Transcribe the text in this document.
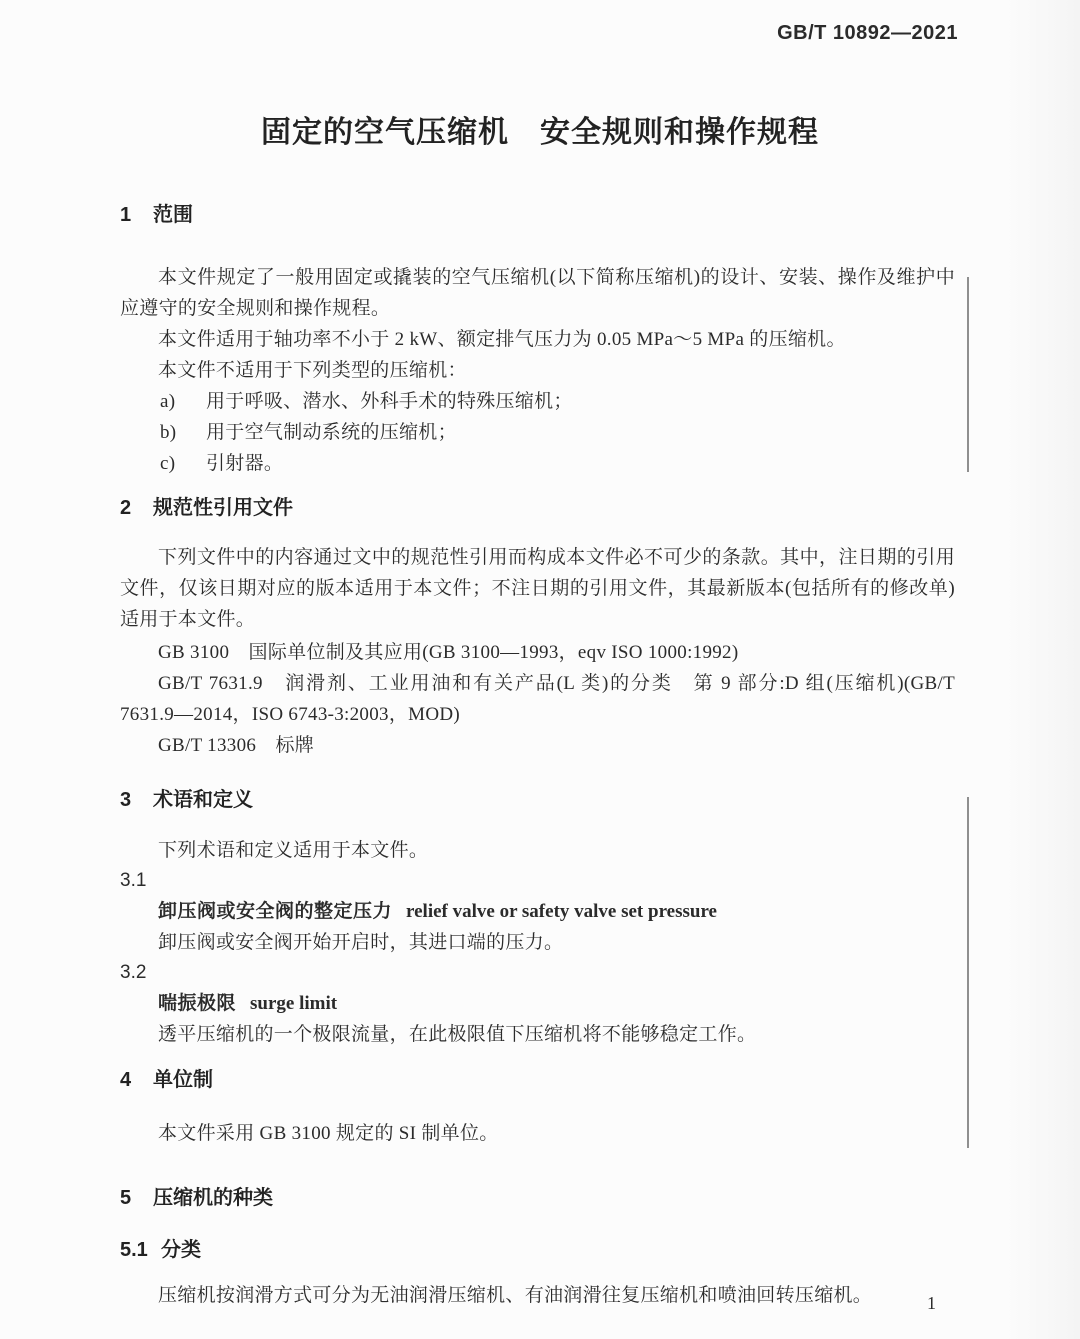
GB/T 10892—2021
固定的空气压缩机　安全规则和操作规程
1 范围

本文件规定了一般用固定或撬装的空气压缩机(以下简称压缩机)的设计、安装、操作及维护中应遵守的安全规则和操作规程。

本文件适用于轴功率不小于 2 kW、额定排气压力为 0.05 MPa～5 MPa 的压缩机。

本文件不适用于下列类型的压缩机：

a)	用于呼吸、潜水、外科手术的特殊压缩机；
b)	用于空气制动系统的压缩机；
c)	引射器。
2 规范性引用文件

下列文件中的内容通过文中的规范性引用而构成本文件必不可少的条款。其中，注日期的引用文件，仅该日期对应的版本适用于本文件；不注日期的引用文件，其最新版本(包括所有的修改单)适用于本文件。

GB 3100　国际单位制及其应用(GB 3100—1993，eqv ISO 1000:1992)

GB/T 7631.9　润滑剂、工业用油和有关产品(L 类)的分类　第 9 部分:D 组(压缩机)(GB/T 7631.9—2014，ISO 6743-3:2003，MOD)

GB/T 13306　标牌

3 术语和定义

下列术语和定义适用于本文件。

3.1

卸压阀或安全阀的整定压力 relief valve or safety valve set pressure

卸压阀或安全阀开始开启时，其进口端的压力。

3.2

喘振极限 surge limit

透平压缩机的一个极限流量，在此极限值下压缩机将不能够稳定工作。

4 单位制

本文件采用 GB 3100 规定的 SI 制单位。

5 压缩机的种类
5.1 分类

压缩机按润滑方式可分为无油润滑压缩机、有油润滑往复压缩机和喷油回转压缩机。	1
